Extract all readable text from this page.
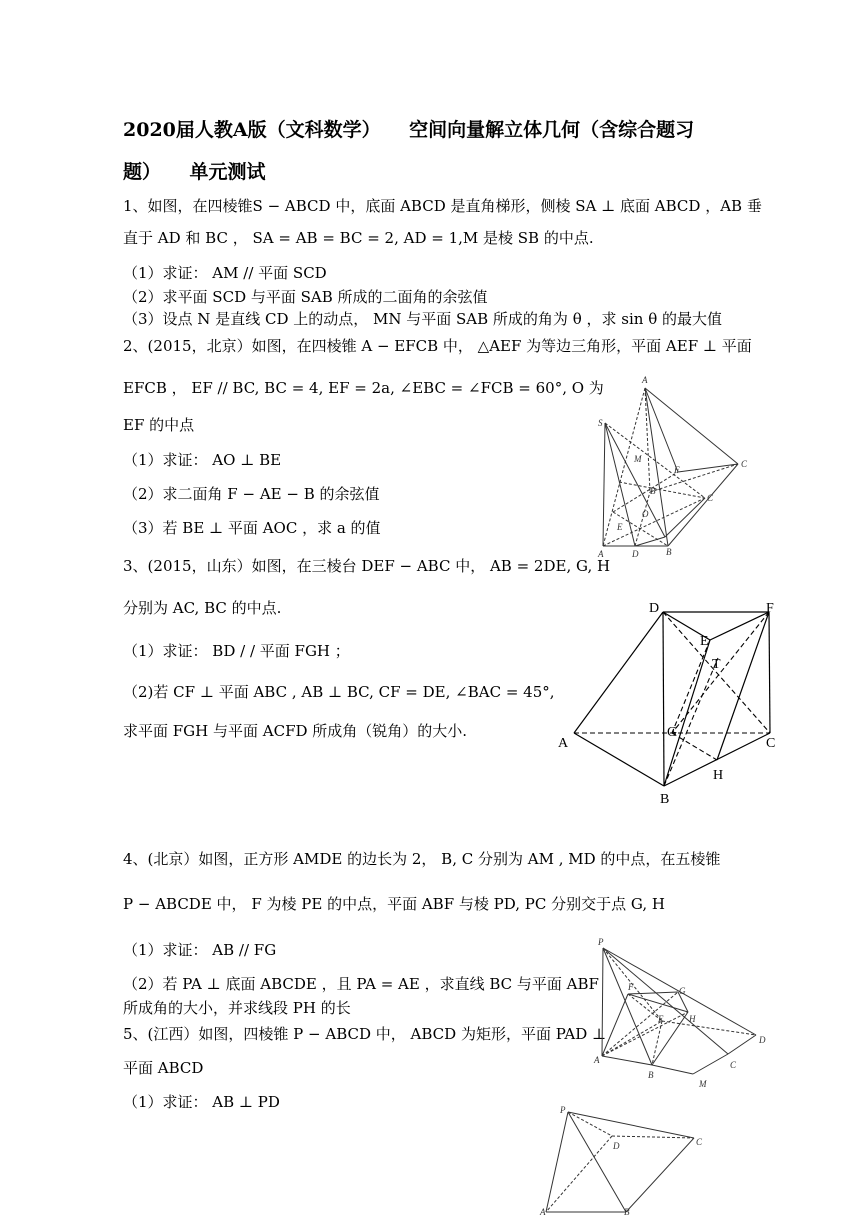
2020届人教A版（文科数学）　　空间向量解立体几何（含综合题习
题）　　单元测试
1、如图，在四棱锥S − ABCD 中，底面 ABCD 是直角梯形，侧棱 SA ⊥ 底面 ABCD ，AB 垂
直于 AD 和 BC ， SA = AB = BC = 2, AD = 1,M 是棱 SB 的中点.
（1）求证： AM // 平面 SCD
（2）求平面 SCD 与平面 SAB 所成的二面角的余弦值
（3）设点 N 是直线 CD 上的动点， MN 与平面 SAB 所成的角为 θ ，求 sin θ 的最大值
2、(2015，北京）如图，在四棱锥 A − EFCB 中， △AEF 为等边三角形，平面 AEF ⊥ 平面
EFCB ， EF // BC, BC = 4, EF = 2a, ∠EBC = ∠FCB = 60°, O 为
EF 的中点
（1）求证： AO ⊥ BE
（2）求二面角 F − AE − B 的余弦值
（3）若 BE ⊥ 平面 AOC ，求 a 的值
3、(2015，山东）如图，在三棱台 DEF − ABC 中， AB = 2DE, G, H
分别为 AC, BC 的中点.
（1）求证： BD / / 平面 FGH ；
（2)若 CF ⊥ 平面 ABC , AB ⊥ BC, CF = DE, ∠BAC = 45°,
求平面 FGH 与平面 ACFD 所成角（锐角）的大小.
4、(北京）如图，正方形 AMDE 的边长为 2， B, C 分别为 AM , MD 的中点，在五棱锥
P − ABCDE 中， F 为棱 PE 的中点，平面 ABF 与棱 PD, PC 分别交于点 G, H
（1）求证： AB // FG
（2）若 PA ⊥ 底面 ABCDE ，且 PA = AE ，求直线 BC 与平面 ABF
所成角的大小，并求线段 PH 的长
5、(江西）如图，四棱锥 P − ABCD 中， ABCD 为矩形，平面 PAD ⊥
平面 ABCD
（1）求证： AB ⊥ PD
A
S
M
F
B
O
E
A	D	B
C
C
D	F
E
T
A
G
C
H
B
P
F	G
E	H
A
B
C
D
M
P
D	C
A	B
